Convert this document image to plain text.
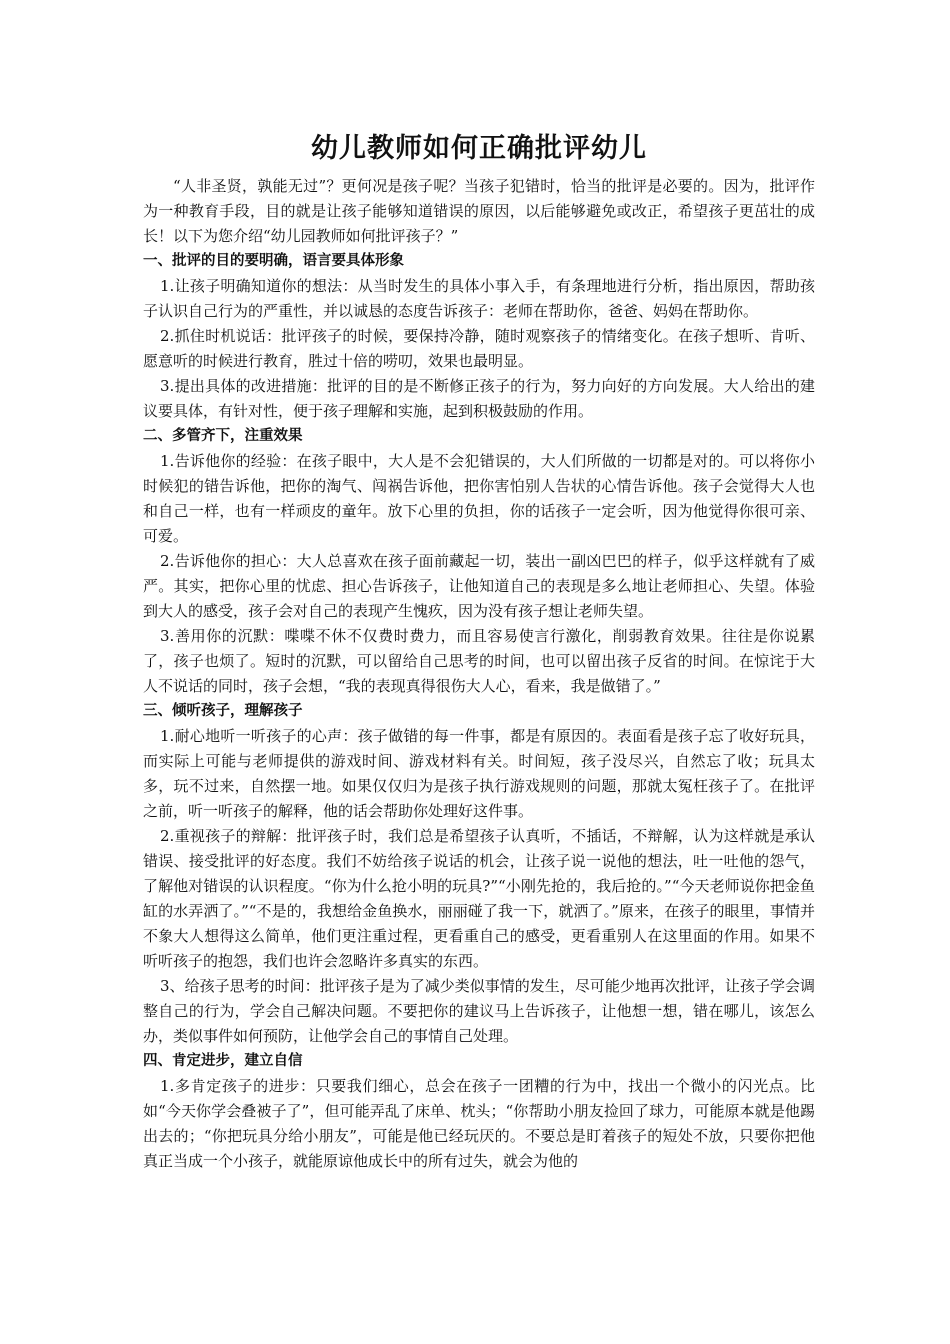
幼儿教师如何正确批评幼儿

“人非圣贤，孰能无过”？更何况是孩子呢？当孩子犯错时，恰当的批评是必要的。因为，批评作为一种教育手段，目的就是让孩子能够知道错误的原因，以后能够避免或改正，希望孩子更茁壮的成长！以下为您介绍“幼儿园教师如何批评孩子？”

一、批评的目的要明确，语言要具体形象

1.让孩子明确知道你的想法：从当时发生的具体小事入手，有条理地进行分析，指出原因，帮助孩子认识自己行为的严重性，并以诚恳的态度告诉孩子：老师在帮助你，爸爸、妈妈在帮助你。

2.抓住时机说话：批评孩子的时候，要保持冷静，随时观察孩子的情绪变化。在孩子想听、肯听、愿意听的时候进行教育，胜过十倍的唠叨，效果也最明显。

3.提出具体的改进措施：批评的目的是不断修正孩子的行为，努力向好的方向发展。大人给出的建议要具体，有针对性，便于孩子理解和实施，起到积极鼓励的作用。

二、多管齐下，注重效果

1.告诉他你的经验：在孩子眼中，大人是不会犯错误的，大人们所做的一切都是对的。可以将你小时候犯的错告诉他，把你的淘气、闯祸告诉他，把你害怕别人告状的心情告诉他。孩子会觉得大人也和自己一样，也有一样顽皮的童年。放下心里的负担，你的话孩子一定会听，因为他觉得你很可亲、可爱。

2.告诉他你的担心：大人总喜欢在孩子面前藏起一切，装出一副凶巴巴的样子，似乎这样就有了威严。其实，把你心里的忧虑、担心告诉孩子，让他知道自己的表现是多么地让老师担心、失望。体验到大人的感受，孩子会对自己的表现产生愧疚，因为没有孩子想让老师失望。

3.善用你的沉默：喋喋不休不仅费时费力，而且容易使言行激化，削弱教育效果。往往是你说累了，孩子也烦了。短时的沉默，可以留给自己思考的时间，也可以留出孩子反省的时间。在惊诧于大人不说话的同时，孩子会想，“我的表现真得很伤大人心，看来，我是做错了。”

三、倾听孩子，理解孩子

1.耐心地听一听孩子的心声：孩子做错的每一件事，都是有原因的。表面看是孩子忘了收好玩具，而实际上可能与老师提供的游戏时间、游戏材料有关。时间短，孩子没尽兴，自然忘了收；玩具太多，玩不过来，自然摆一地。如果仅仅归为是孩子执行游戏规则的问题，那就太冤枉孩子了。在批评之前，听一听孩子的解释，他的话会帮助你处理好这件事。

2.重视孩子的辩解：批评孩子时，我们总是希望孩子认真听，不插话，不辩解，认为这样就是承认错误、接受批评的好态度。我们不妨给孩子说话的机会，让孩子说一说他的想法，吐一吐他的怨气，了解他对错误的认识程度。“你为什么抢小明的玩具?”“小刚先抢的，我后抢的。”“今天老师说你把金鱼缸的水弄洒了。”“不是的，我想给金鱼换水，丽丽碰了我一下，就洒了。”原来，在孩子的眼里，事情并不象大人想得这么简单，他们更注重过程，更看重自己的感受，更看重别人在这里面的作用。如果不听听孩子的抱怨，我们也许会忽略许多真实的东西。

3、给孩子思考的时间：批评孩子是为了减少类似事情的发生，尽可能少地再次批评，让孩子学会调整自己的行为，学会自己解决问题。不要把你的建议马上告诉孩子，让他想一想，错在哪儿，该怎么办，类似事件如何预防，让他学会自己的事情自己处理。

四、肯定进步，建立自信

1.多肯定孩子的进步：只要我们细心，总会在孩子一团糟的行为中，找出一个微小的闪光点。比如“今天你学会叠被子了”，但可能弄乱了床单、枕头；“你帮助小朋友捡回了球力，可能原本就是他踢出去的；“你把玩具分给小朋友”，可能是他已经玩厌的。不要总是盯着孩子的短处不放，只要你把他真正当成一个小孩子，就能原谅他成长中的所有过失，就会为他的
